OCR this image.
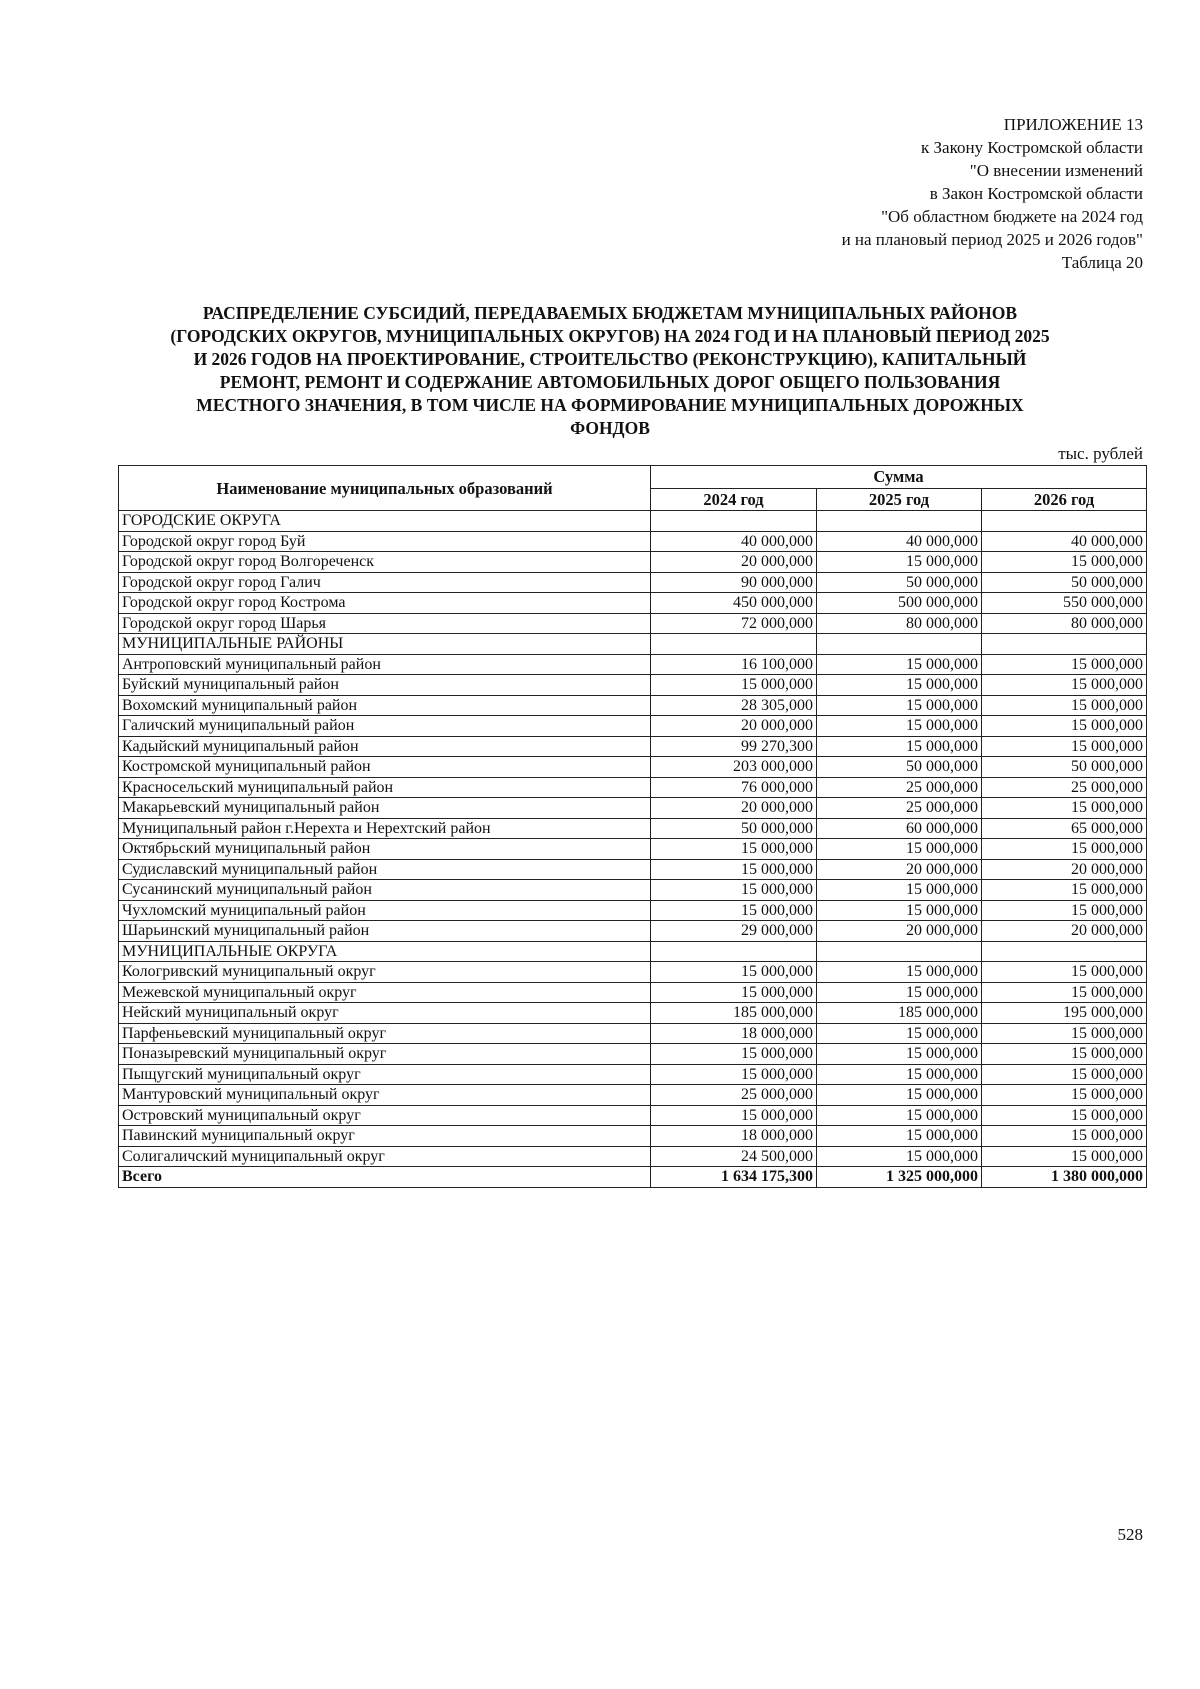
ПРИЛОЖЕНИЕ 13
к Закону Костромской области
"О внесении изменений
в Закон Костромской области
"Об областном бюджете на 2024 год
и на плановый период 2025 и 2026 годов"
Таблица 20
РАСПРЕДЕЛЕНИЕ СУБСИДИЙ, ПЕРЕДАВАЕМЫХ БЮДЖЕТАМ МУНИЦИПАЛЬНЫХ РАЙОНОВ
(ГОРОДСКИХ ОКРУГОВ, МУНИЦИПАЛЬНЫХ ОКРУГОВ) НА 2024 ГОД И НА ПЛАНОВЫЙ ПЕРИОД 2025
И 2026 ГОДОВ НА ПРОЕКТИРОВАНИЕ, СТРОИТЕЛЬСТВО (РЕКОНСТРУКЦИЮ), КАПИТАЛЬНЫЙ
РЕМОНТ, РЕМОНТ И СОДЕРЖАНИЕ АВТОМОБИЛЬНЫХ ДОРОГ ОБЩЕГО ПОЛЬЗОВАНИЯ
МЕСТНОГО ЗНАЧЕНИЯ, В ТОМ ЧИСЛЕ НА ФОРМИРОВАНИЕ МУНИЦИПАЛЬНЫХ ДОРОЖНЫХ
ФОНДОВ
тыс. рублей
Наименование муниципальных образований	Сумма		
	2024 год	2025 год	2026 год
ГОРОДСКИЕ ОКРУГА			
Городской округ город Буй	40 000,000	40 000,000	40 000,000
Городской округ город Волгореченск	20 000,000	15 000,000	15 000,000
Городской округ город Галич	90 000,000	50 000,000	50 000,000
Городской округ город Кострома	450 000,000	500 000,000	550 000,000
Городской округ город Шарья	72 000,000	80 000,000	80 000,000
МУНИЦИПАЛЬНЫЕ РАЙОНЫ			
Антроповский муниципальный район	16 100,000	15 000,000	15 000,000
Буйский муниципальный район	15 000,000	15 000,000	15 000,000
Вохомский муниципальный район	28 305,000	15 000,000	15 000,000
Галичский муниципальный район	20 000,000	15 000,000	15 000,000
Кадыйский муниципальный район	99 270,300	15 000,000	15 000,000
Костромской муниципальный район	203 000,000	50 000,000	50 000,000
Красносельский муниципальный район	76 000,000	25 000,000	25 000,000
Макарьевский муниципальный район	20 000,000	25 000,000	15 000,000
Муниципальный район г.Нерехта и Нерехтский район	50 000,000	60 000,000	65 000,000
Октябрьский муниципальный район	15 000,000	15 000,000	15 000,000
Судиславский муниципальный район	15 000,000	20 000,000	20 000,000
Сусанинский муниципальный район	15 000,000	15 000,000	15 000,000
Чухломский муниципальный район	15 000,000	15 000,000	15 000,000
Шарьинский муниципальный район	29 000,000	20 000,000	20 000,000
МУНИЦИПАЛЬНЫЕ ОКРУГА			
Кологривский муниципальный округ	15 000,000	15 000,000	15 000,000
Межевской муниципальный округ	15 000,000	15 000,000	15 000,000
Нейский муниципальный округ	185 000,000	185 000,000	195 000,000
Парфеньевский муниципальный округ	18 000,000	15 000,000	15 000,000
Поназыревский муниципальный округ	15 000,000	15 000,000	15 000,000
Пыщугский муниципальный округ	15 000,000	15 000,000	15 000,000
Мантуровский муниципальный округ	25 000,000	15 000,000	15 000,000
Островский муниципальный округ	15 000,000	15 000,000	15 000,000
Павинский муниципальный округ	18 000,000	15 000,000	15 000,000
Солигаличский муниципальный округ	24 500,000	15 000,000	15 000,000
Всего	1 634 175,300	1 325 000,000	1 380 000,000
528
